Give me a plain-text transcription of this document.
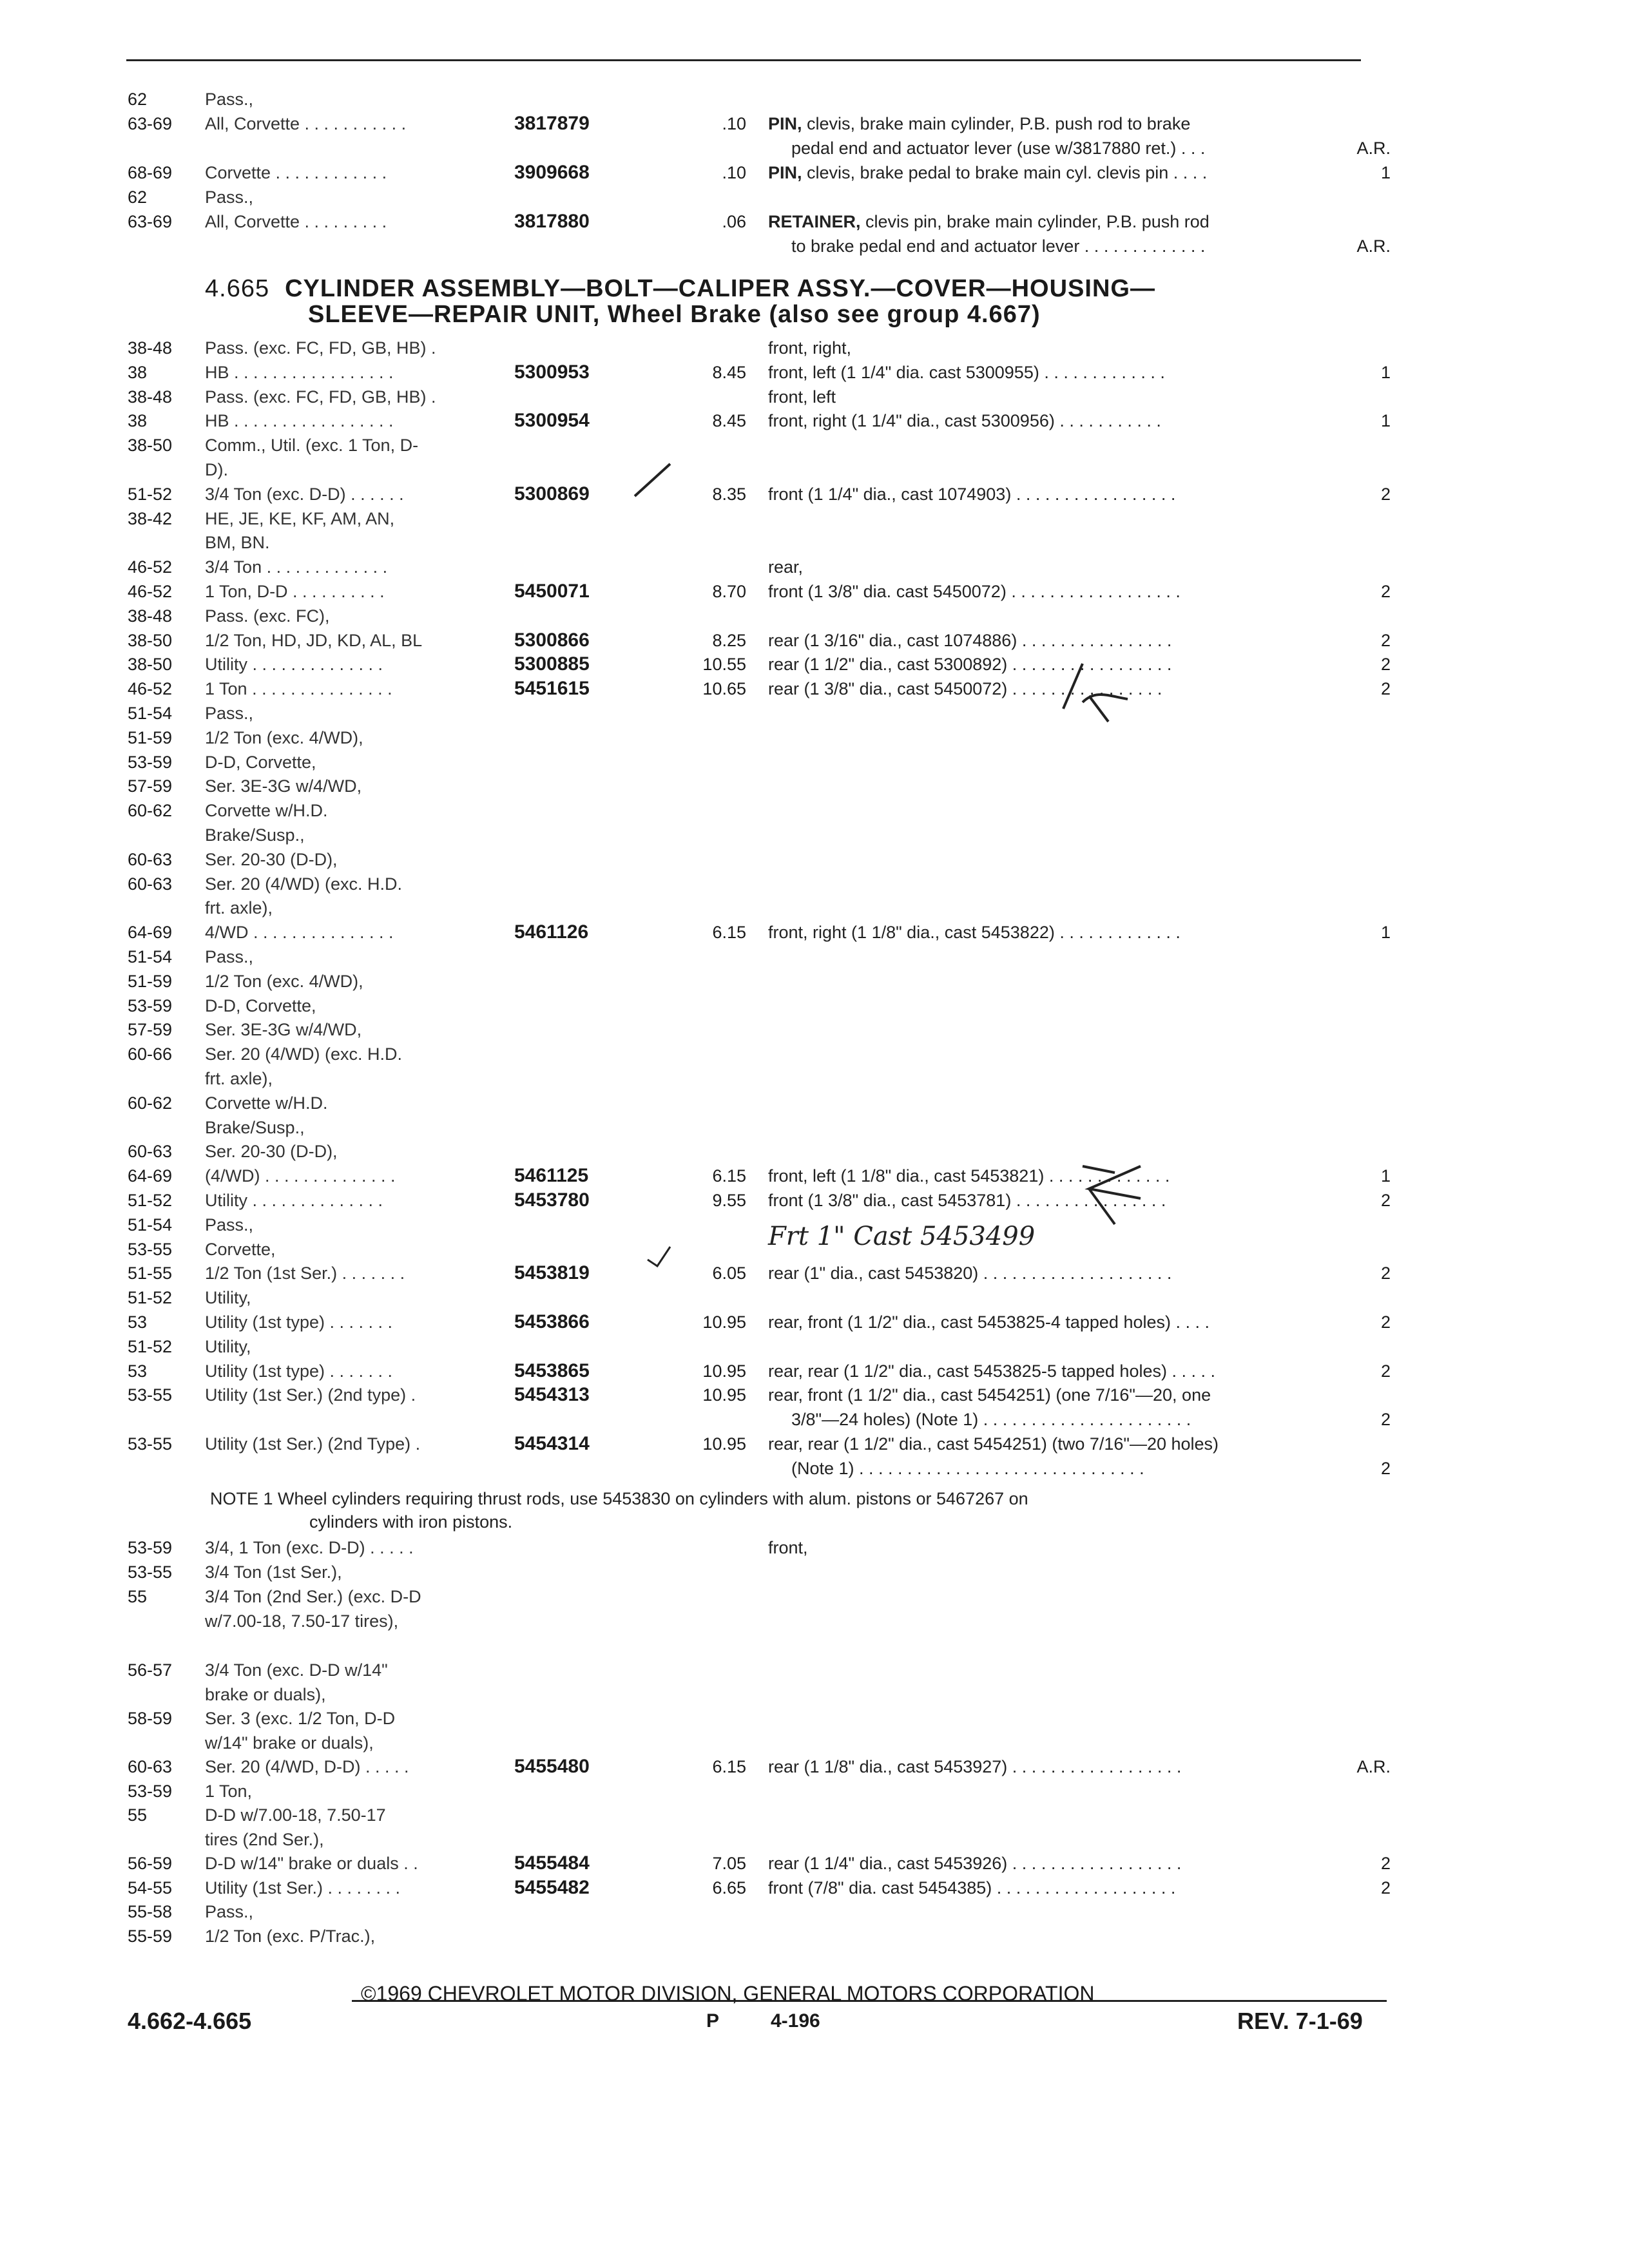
62	Pass.,
63-69 All, Corvette . . . . . . . . . . .	3817879	.10 PIN, clevis, brake main cylinder, P.B. push rod to brake
pedal end and actuator lever (use w/3817880 ret.) . . .	A.R.
68-69 Corvette . . . . . . . . . . . .	3909668	.10 PIN, clevis, brake pedal to brake main cyl. clevis pin . . . .	1
62	Pass.,
63-69 All, Corvette . . . . . . . . .	3817880	.06 RETAINER, clevis pin, brake main cylinder, P.B. push rod
to brake pedal end and actuator lever . . . . . . . . . . . . .	A.R.
4.665 CYLINDER ASSEMBLY—BOLT—CALIPER ASSY.—COVER—HOUSING—
SLEEVE—REPAIR UNIT, Wheel Brake (also see group 4.667)
38-48 Pass. (exc. FC, FD, GB, HB) .	front, right,
38	HB . . . . . . . . . . . . . . . . .	5300953	8.45 front, left (1 1/4" dia. cast 5300955) . . . . . . . . . . . . .	1
38-48 Pass. (exc. FC, FD, GB, HB) .	front, left
38	HB . . . . . . . . . . . . . . . . .	5300954	8.45 front, right (1 1/4" dia., cast 5300956) . . . . . . . . . . .	1
38-50 Comm., Util. (exc. 1 Ton, D-
D).
51-52 3/4 Ton (exc. D-D) . . . . . .	5300869	8.35 front (1 1/4" dia., cast 1074903) . . . . . . . . . . . . . . . . .	2
38-42 HE, JE, KE, KF, AM, AN,
BM, BN.
46-52 3/4 Ton . . . . . . . . . . . . .	rear,
46-52 1 Ton, D-D . . . . . . . . . .	5450071	8.70 front (1 3/8" dia. cast 5450072) . . . . . . . . . . . . . . . . . .	2
38-48 Pass. (exc. FC),
38-50 1/2 Ton, HD, JD, KD, AL, BL	5300866	8.25 rear (1 3/16" dia., cast 1074886) . . . . . . . . . . . . . . . .	2
38-50 Utility . . . . . . . . . . . . . .	5300885	10.55 rear (1 1/2" dia., cast 5300892) . . . . . . . . . . . . . . . . .	2
46-52 1 Ton . . . . . . . . . . . . . . .	5451615	10.65 rear (1 3/8" dia., cast 5450072) . . . . . . . . . . . . . . . .	2
51-54 Pass.,
51-59 1/2 Ton (exc. 4/WD),
53-59 D-D, Corvette,
57-59 Ser. 3E-3G w/4/WD,
60-62 Corvette w/H.D.
Brake/Susp.,
60-63 Ser. 20-30 (D-D),
60-63 Ser. 20 (4/WD) (exc. H.D.
frt. axle),
64-69 4/WD . . . . . . . . . . . . . . .	5461126	6.15 front, right (1 1/8" dia., cast 5453822) . . . . . . . . . . . . .	1
51-54 Pass.,
51-59 1/2 Ton (exc. 4/WD),
53-59 D-D, Corvette,
57-59 Ser. 3E-3G w/4/WD,
60-66 Ser. 20 (4/WD) (exc. H.D.
frt. axle),
60-62 Corvette w/H.D.
Brake/Susp.,
60-63 Ser. 20-30 (D-D),
64-69 (4/WD) . . . . . . . . . . . . . .	5461125	6.15 front, left (1 1/8" dia., cast 5453821) . . . . . . . . . . . . .	1
51-52 Utility . . . . . . . . . . . . . .	5453780	9.55 front (1 3/8" dia., cast 5453781) . . . . . . . . . . . . . . . .	2
51-54 Pass.,
53-55 Corvette,
51-55 1/2 Ton (1st Ser.) . . . . . . .	5453819	6.05 rear (1" dia., cast 5453820) . . . . . . . . . . . . . . . . . . . .	2
51-52 Utility,
53	Utility (1st type) . . . . . . .	5453866	10.95 rear, front (1 1/2" dia., cast 5453825-4 tapped holes) . . . .	2
51-52 Utility,
53	Utility (1st type) . . . . . . .	5453865	10.95 rear, rear (1 1/2" dia., cast 5453825-5 tapped holes) . . . . .	2
53-55 Utility (1st Ser.) (2nd type) .	5454313	10.95 rear, front (1 1/2" dia., cast 5454251) (one 7/16"—20, one
3/8"—24 holes) (Note 1) . . . . . . . . . . . . . . . . . . . . . .	2
53-55 Utility (1st Ser.) (2nd Type) .	5454314	10.95 rear, rear (1 1/2" dia., cast 5454251) (two 7/16"—20 holes)
(Note 1) . . . . . . . . . . . . . . . . . . . . . . . . . . . . . .	2
NOTE 1 Wheel cylinders requiring thrust rods, use 5453830 on cylinders with alum. pistons or 5467267 on
cylinders with iron pistons.
53-59 3/4, 1 Ton (exc. D-D) . . . . .	front,
53-55 3/4 Ton (1st Ser.),
55	3/4 Ton (2nd Ser.) (exc. D-D
w/7.00-18, 7.50-17 tires),
56-57 3/4 Ton (exc. D-D w/14"
brake or duals),
58-59 Ser. 3 (exc. 1/2 Ton, D-D
w/14" brake or duals),
60-63 Ser. 20 (4/WD, D-D) . . . . .	5455480	6.15 rear (1 1/8" dia., cast 5453927) . . . . . . . . . . . . . . . . . .	A.R.
53-59 1 Ton,
55	D-D w/7.00-18, 7.50-17
tires (2nd Ser.),
56-59 D-D w/14" brake or duals . .	5455484	7.05 rear (1 1/4" dia., cast 5453926) . . . . . . . . . . . . . . . . . .	2
54-55 Utility (1st Ser.) . . . . . . . .	5455482	6.65 front (7/8" dia. cast 5454385) . . . . . . . . . . . . . . . . . . .	2
55-58 Pass.,
55-59 1/2 Ton (exc. P/Trac.),
Frt 1" Cast 5453499
©1969 CHEVROLET MOTOR DIVISION, GENERAL MOTORS CORPORATION
4.662-4.665	P	4-196	REV. 7-1-69
